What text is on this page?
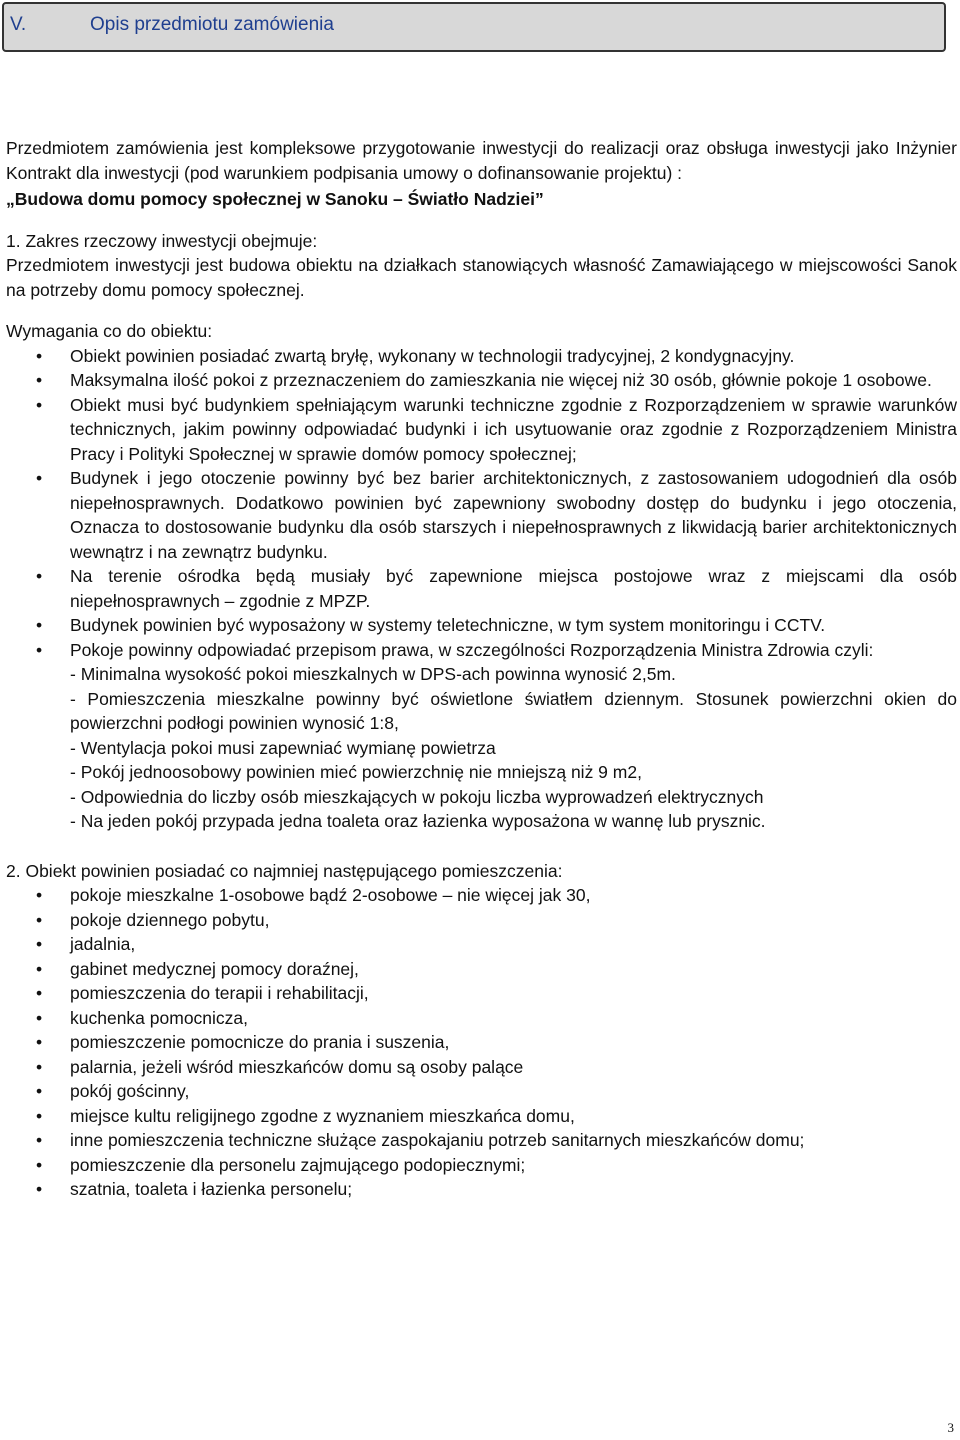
V.	Opis przedmiotu zamówienia

Przedmiotem zamówienia jest kompleksowe przygotowanie inwestycji do realizacji oraz obsługa inwestycji jako Inżynier Kontrakt dla inwestycji (pod warunkiem podpisania umowy o dofinansowanie projektu) :

„Budowa domu pomocy społecznej w Sanoku – Światło Nadziei”

1. Zakres rzeczowy inwestycji obejmuje:

Przedmiotem inwestycji jest budowa obiektu na działkach stanowiących własność Zamawiającego w miejscowości Sanok na potrzeby domu pomocy społecznej.

Wymagania co do obiektu:

• Obiekt powinien posiadać zwartą bryłę, wykonany w technologii tradycyjnej, 2 kondygnacyjny.
• Maksymalna ilość pokoi z przeznaczeniem do zamieszkania nie więcej niż 30 osób, głównie pokoje 1 osobowe.
• Obiekt musi być budynkiem spełniającym warunki techniczne zgodnie z Rozporządzeniem w sprawie warunków technicznych, jakim powinny odpowiadać budynki i ich usytuowanie oraz zgodnie z Rozporządzeniem Ministra Pracy i Polityki Społecznej w sprawie domów pomocy społecznej;
• Budynek i jego otoczenie powinny być bez barier architektonicznych, z zastosowaniem udogodnień dla osób niepełnosprawnych. Dodatkowo powinien być zapewniony swobodny dostęp do budynku i jego otoczenia, Oznacza to dostosowanie budynku dla osób starszych i niepełnosprawnych z likwidacją barier architektonicznych wewnątrz i na zewnątrz budynku.
• Na terenie ośrodka będą musiały być zapewnione miejsca postojowe wraz z miejscami dla osób niepełnosprawnych – zgodnie z MPZP.
• Budynek powinien być wyposażony w systemy teletechniczne, w tym system monitoringu i CCTV.
• Pokoje powinny odpowiadać przepisom prawa, w szczególności Rozporządzenia Ministra Zdrowia czyli:

- Minimalna wysokość pokoi mieszkalnych w DPS-ach powinna wynosić 2,5m.

- Pomieszczenia mieszkalne powinny być oświetlone światłem dziennym. Stosunek powierzchni okien do powierzchni podłogi powinien wynosić 1:8,

- Wentylacja pokoi musi zapewniać wymianę powietrza

- Pokój jednoosobowy powinien mieć powierzchnię nie mniejszą niż 9 m2,

- Odpowiednia do liczby osób mieszkających w pokoju liczba wyprowadzeń elektrycznych

- Na jeden pokój przypada jedna toaleta oraz łazienka wyposażona w wannę lub prysznic.

2. Obiekt powinien posiadać co najmniej następującego pomieszczenia:

• pokoje mieszkalne 1-osobowe bądź 2-osobowe – nie więcej jak 30,
• pokoje dziennego pobytu,
• jadalnia,
• gabinet medycznej pomocy doraźnej,
• pomieszczenia do terapii i rehabilitacji,
• kuchenka pomocnicza,
• pomieszczenie pomocnicze do prania i suszenia,
• palarnia, jeżeli wśród mieszkańców domu są osoby palące
• pokój gościnny,
• miejsce kultu religijnego zgodne z wyznaniem mieszkańca domu,
• inne pomieszczenia techniczne służące zaspokajaniu potrzeb sanitarnych mieszkańców domu;
• pomieszczenie dla personelu zajmującego podopiecznymi;
• szatnia, toaleta i łazienka personelu;
3
